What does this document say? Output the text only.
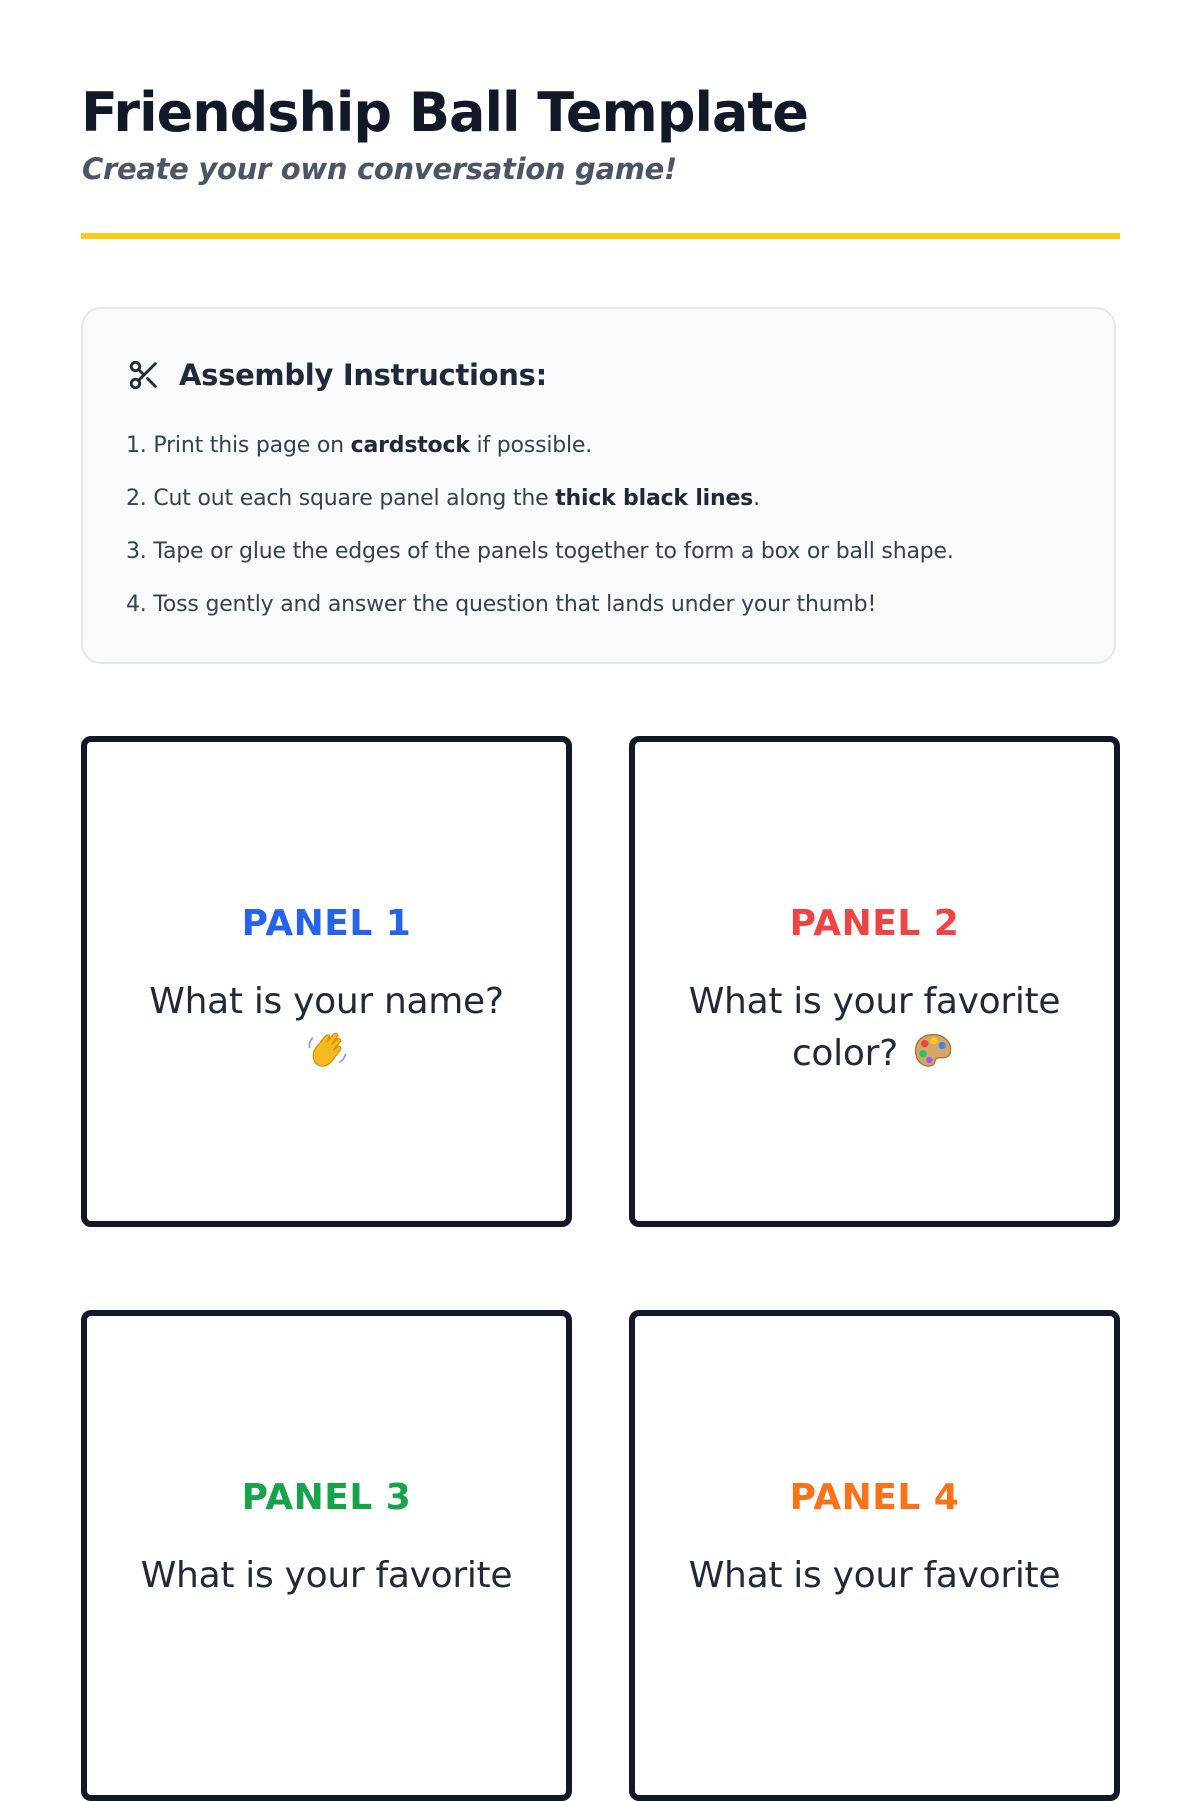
Friendship Ball Template

Create your own conversation game!

Assembly Instructions:
1. Print this page on cardstock if possible.
2. Cut out each square panel along the thick black lines.
3. Tape or glue the edges of the panels together to form a box or ball shape.
4. Toss gently and answer the question that lands under your thumb!
PANEL 1
What is your name?

PANEL 2
What is your favorite color?
PANEL 3
What is your favorite
PANEL 4
What is your favorite
